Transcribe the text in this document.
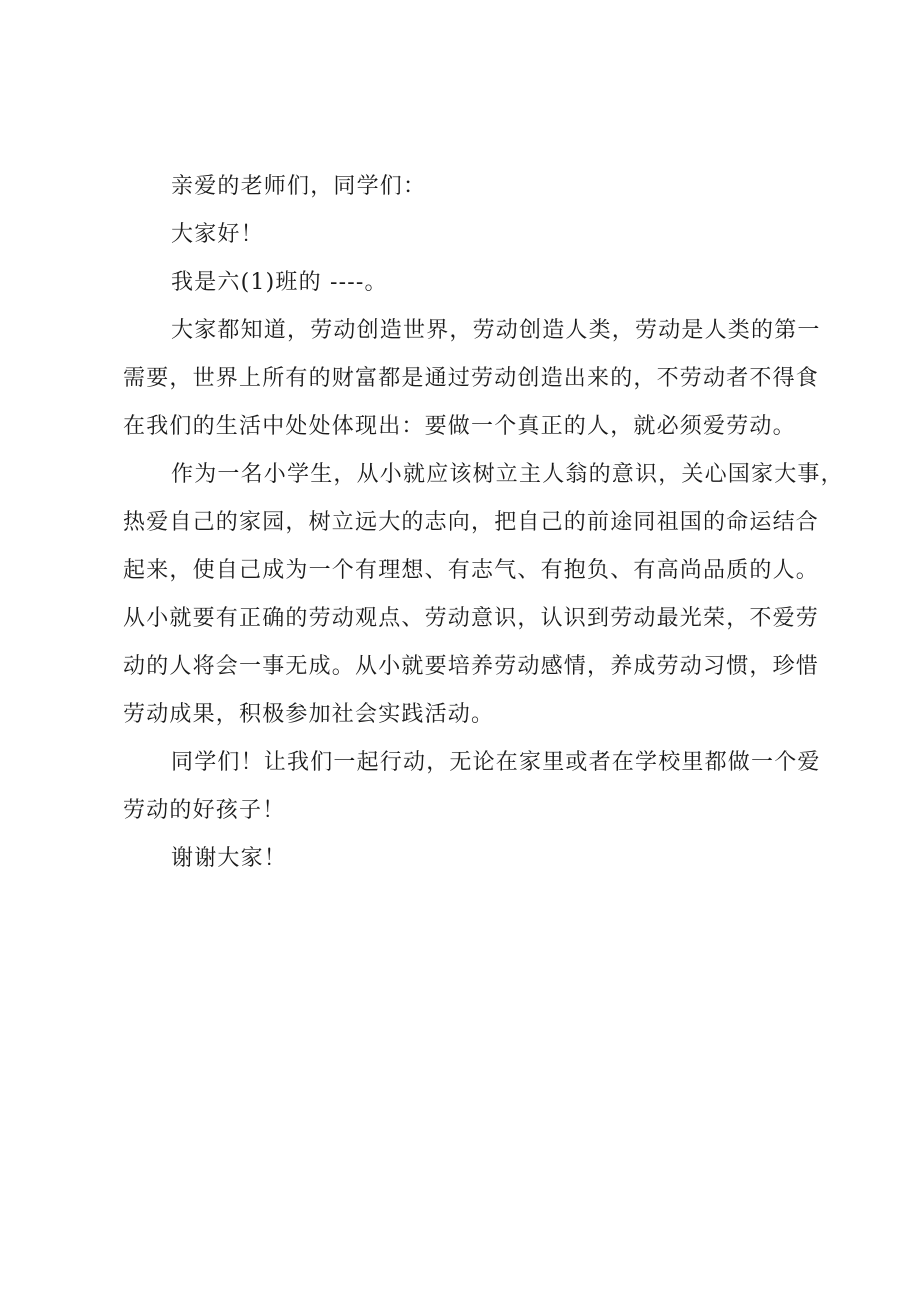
亲爱的老师们，同学们：
大家好！
我是六(1)班的 ----。
大家都知道，劳动创造世界，劳动创造人类，劳动是人类的第一
需要，世界上所有的财富都是通过劳动创造出来的，不劳动者不得食
在我们的生活中处处体现出：要做一个真正的人，就必须爱劳动。
作为一名小学生，从小就应该树立主人翁的意识，关心国家大事，
热爱自己的家园，树立远大的志向，把自己的前途同祖国的命运结合
起来，使自己成为一个有理想、有志气、有抱负、有高尚品质的人。
从小就要有正确的劳动观点、劳动意识，认识到劳动最光荣，不爱劳
动的人将会一事无成。从小就要培养劳动感情，养成劳动习惯，珍惜
劳动成果，积极参加社会实践活动。
同学们！让我们一起行动，无论在家里或者在学校里都做一个爱
劳动的好孩子！
谢谢大家！
